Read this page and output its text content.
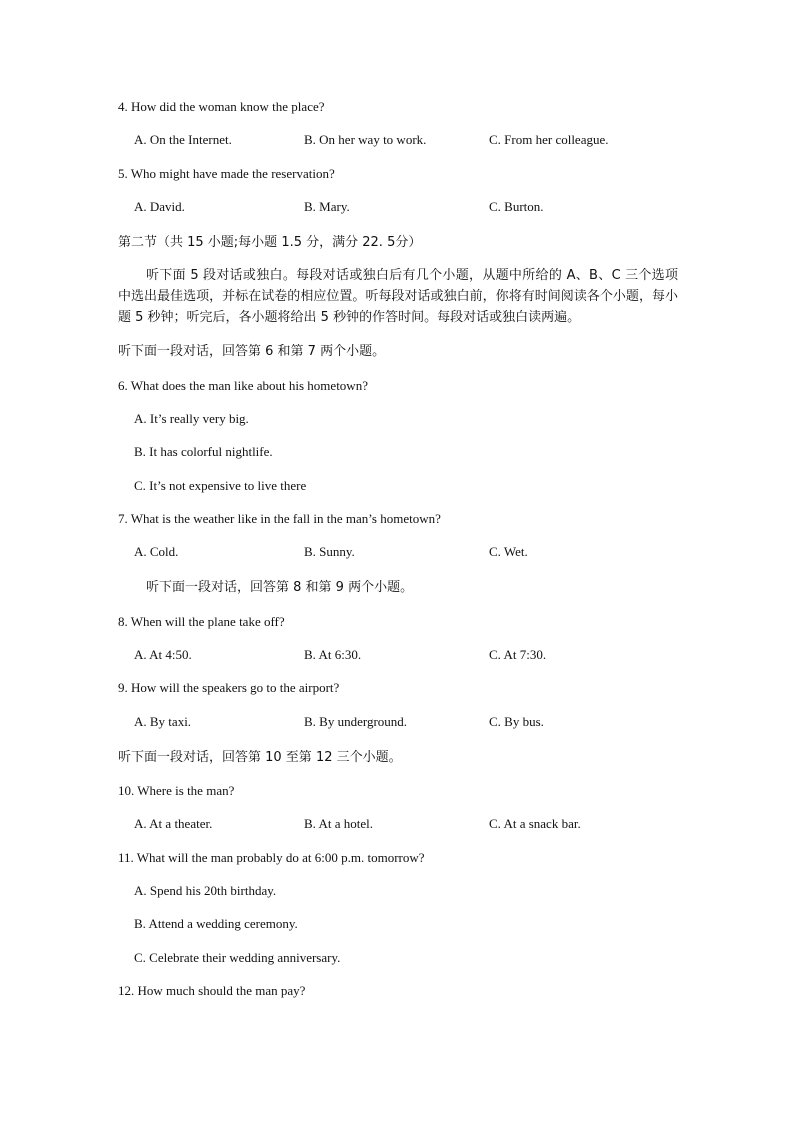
4. How did the woman know the place?
A. On the Internet.	B. On her way to work.	C. From her colleague.
5. Who might have made the reservation?
A. David.	B. Mary.	C. Burton.
第二节（共 15 小题;每小题 1.5 分，满分 22. 5分）
听下面 5 段对话或独白。每段对话或独白后有几个小题，从题中所给的 A、B、C 三个选项中选出最佳选项，并标在试卷的相应位置。听每段对话或独白前，你将有时间阅读各个小题，每小题 5 秒钟；听完后，各小题将给出 5 秒钟的作答时间。每段对话或独白读两遍。
听下面一段对话，回答第 6 和第 7 两个小题。
6. What does the man like about his hometown?
A. It’s really very big.
B. It has colorful nightlife.
C. It’s not expensive to live there
7. What is the weather like in the fall in the man’s hometown?
A. Cold.	B. Sunny.	C. Wet.
听下面一段对话，回答第 8 和第 9 两个小题。
8. When will the plane take off?
A. At 4:50.	B. At 6:30.	C. At 7:30.
9. How will the speakers go to the airport?
A. By taxi.	B. By underground.	C. By bus.
听下面一段对话，回答第 10 至第 12 三个小题。
10. Where is the man?
A. At a theater.	B. At a hotel.	C. At a snack bar.
11. What will the man probably do at 6:00 p.m. tomorrow?
A. Spend his 20th birthday.
B. Attend a wedding ceremony.
C. Celebrate their wedding anniversary.
12. How much should the man pay?
